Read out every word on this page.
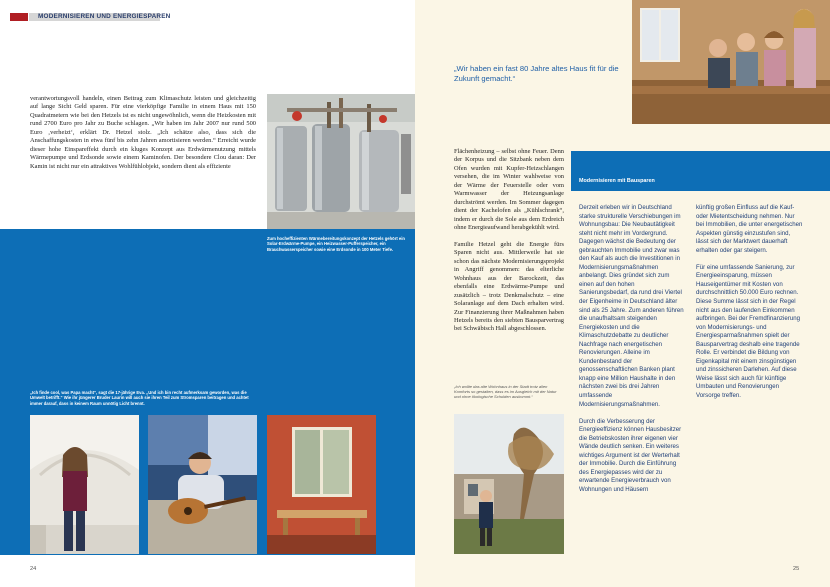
MODERNISIEREN UND ENERGIESPAREN

verantwortungsvoll handeln, einen Beitrag zum Klimaschutz leisten und gleichzeitig auf lange Sicht Geld sparen. Für eine vierköpfige Familie in einem Haus mit 150 Quadratmetern wie bei den Hetzels ist es nicht ungewöhnlich, wenn die Heizkosten mit rund 2700 Euro pro Jahr zu Buche schlagen. „Wir haben im Jahr 2007 nur rund 500 Euro ‚verheizt‘, erklärt Dr. Hetzel stolz. „Ich schätze also, dass sich die Anschaffungskosten in etwa fünf bis zehn Jahren amortisieren werden.“ Erreicht wurde dieser hohe Einspareffekt durch ein kluges Konzept aus Erdwärmenutzung mittels Wärmepumpe und Erdsonde sowie einem Kaminofen. Der besondere Clou daran: Der Kamin ist nicht nur ein attraktives Wohlfühlobjekt, sondern dient als effiziente

Zum hocheffizienten Wärmebereitungskonzept der Hetzels gehört ein Solar-Erdwärme-Pumpe, ein Heizwasser-Pufferspeicher, ein Brauchwasserspeicher sowie eine Erdsonde in 100 Meter Tiefe.
„Ich finde cool, was Papa macht“, sagt die 17-jährige Eva. „Und ich bin recht aufmerksam geworden, was die Umwelt betrifft.“ Wie ihr jüngerer Bruder Laurin will auch sie ihren Teil zum Stromsparen beitragen und achtet immer darauf, dass in keinem Raum unnötig Licht brennt.
24

Flächenheizung – selbst ohne Feuer. Denn der Korpus und die Sitzbank neben dem Ofen wurden mit Kupfer-Heizschlangen versehen, die im Winter wahlweise von der Wärme der Feuerstelle oder vom Warmwasser der Heizungsanlage durchströmt werden. Im Sommer dagegen dient der Kachelofen als „Kühlschrank“, indem er durch die Sole aus dem Erdreich ohne Energieaufwand herabgekühlt wird.

Familie Hetzel geht die Energie fürs Sparen nicht aus. Mittlerweile hat sie schon das nächste Modernisierungsprojekt in Angriff genommen: das elterliche Wohnhaus aus der Barockzeit, das ebenfalls eine Erdwärme-Pumpe und zusätzlich – trotz Denkmalschutz – eine Solaranlage auf dem Dach erhalten wird. Zur Finanzierung ihrer Maßnahmen haben Hetzels bereits den siebten Bausparvertrag bei Schwäbisch Hall abgeschlossen.

„Wir haben ein fast 80 Jahre altes Haus fit für die Zukunft gemacht.“
Modernisieren mit Bausparen
„Ich wollte das alte Wohnhaus in der Stadt trotz allen Komforts so gestalten, dass es im Ausgleich mit der Natur und ohne ökologische Schulden auskommt.“

Derzeit erleben wir in Deutschland starke strukturelle Verschiebungen im Wohnungsbau: Die Neubautätigkeit steht nicht mehr im Vordergrund. Dagegen wächst die Bedeutung der gebrauchten Immobilie und zwar was den Kauf als auch die Investitionen in Modernisierungsmaßnahmen anbelangt. Dies gründet sich zum einen auf den hohen Sanierungsbedarf, da rund drei Viertel der Eigenheime in Deutschland älter sind als 25 Jahre. Zum anderen führen die unaufhaltsam steigenden Energiekosten und die Klimaschutzdebatte zu deutlicher Nachfrage nach energetischen Renovierungen. Alleine im Kundenbestand der genossenschaftlichen Banken plant knapp eine Million Haushalte in den nächsten zwei bis drei Jahren umfassende Modernisierungsmaßnahmen.

Durch die Verbesserung der Energieeffizienz können Hausbesitzer die Betriebskosten ihrer eigenen vier Wände deutlich senken. Ein weiteres wichtiges Argument ist der Werterhalt der Immobilie. Durch die Einführung des Energiepasses wird der zu erwartende Energieverbrauch von Wohnungen und Häusern

künftig großen Einfluss auf die Kauf- oder Mietentscheidung nehmen. Nur bei Immobilien, die unter energetischen Aspekten günstig einzustufen sind, lässt sich der Marktwert dauerhaft erhalten oder gar steigern.

Für eine umfassende Sanierung, zur Energieeinsparung, müssen Hauseigentümer mit Kosten von durchschnittlich 50.000 Euro rechnen. Diese Summe lässt sich in der Regel nicht aus den laufenden Einkommen aufbringen. Bei der Fremdfinanzierung von Modernisierungs- und Energiesparmaßnahmen spielt der Bausparvertrag deshalb eine tragende Rolle. Er verbindet die Bildung von Eigenkapital mit einem zinsgünstigen und zinssicheren Darlehen. Auf diese Weise lässt sich auch für künftige Umbauten und Renovierungen Vorsorge treffen.

25
